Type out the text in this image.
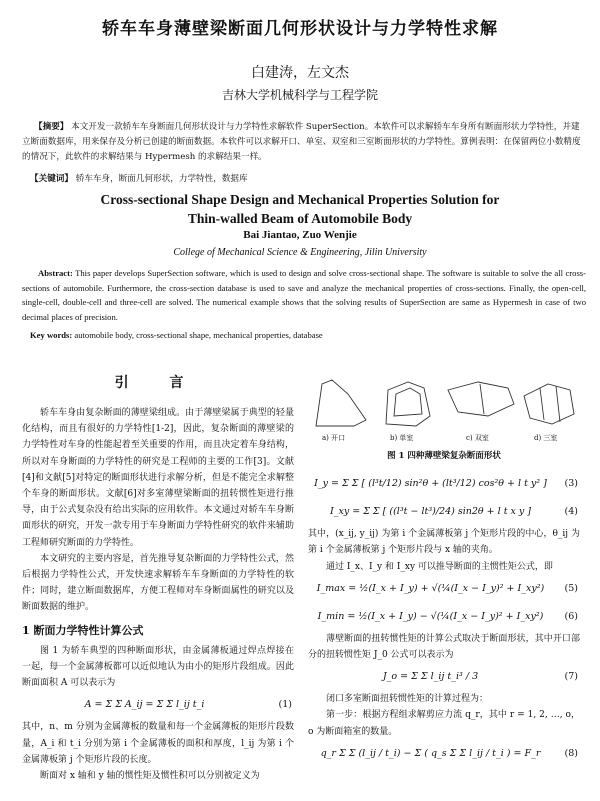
轿车车身薄壁梁断面几何形状设计与力学特性求解
白建涛，左文杰
吉林大学机械科学与工程学院
【摘要】 本文开发一款轿车车身断面几何形状设计与力学特性求解软件 SuperSection。本软件可以求解轿车车身所有断面形状力学特性，并建立断面数据库，用来保存及分析已创建的断面数据。本软件可以求解开口、单室、双室和三室断面形状的力学特性。算例表明：在保留两位小数精度的情况下，此软件的求解结果与 Hypermesh 的求解结果一样。
【关键词】 轿车车身，断面几何形状，力学特性，数据库
Cross-sectional Shape Design and Mechanical Properties Solution for
Thin-walled Beam of Automobile Body
Bai Jiantao, Zuo Wenjie
College of Mechanical Science & Engineering, Jilin University
Abstract: This paper develops SuperSection software, which is used to design and solve cross-sectional shape. The software is suitable to solve the all cross-sections of automobile. Furthermore, the cross-section database is used to save and analyze the mechanical properties of cross-sections. Finally, the open-cell, single-cell, double-cell and three-cell are solved. The numerical example shows that the solving results of SuperSection are same as Hypermesh in case of two decimal places of precision.
Key words: automobile body, cross-sectional shape, mechanical properties, database
引 言
轿车车身由复杂断面的薄壁梁组成。由于薄壁梁属于典型的轻量化结构，而且有很好的力学特性[1-2]，因此，复杂断面的薄壁梁的力学特性对车身的性能起着至关重要的作用，而且决定着车身结构，所以对车身断面的力学特性的研究是工程师的主要的工作[3]。文献[4]和文献[5]对特定的断面形状进行求解分析，但是不能完全求解整个车身的断面形状。文献[6]对多室薄壁梁断面的扭转惯性矩进行推导，由于公式复杂没有给出实际的应用软件。本文通过对轿车车身断面形状的研究，开发一款专用于车身断面力学特性研究的软件来辅助工程师研究断面的力学特性。
本文研究的主要内容是，首先推导复杂断面的力学特性公式，然后根据力学特性公式，开发快速求解轿车车身断面的力学特性的软件；同时，建立断面数据库，方便工程师对车身断面属性的研究以及断面数据的维护。
1 断面力学特性计算公式
图 1 为轿车典型的四种断面形状，由金属薄板通过焊点焊接在一起，每一个金属薄板都可以近似地认为由小的矩形片段组成。因此断面面积 A 可以表示为
A = Σ Σ A_ij = Σ Σ l_ij t_i	(1)
其中，n、m 分别为金属薄板的数量和每一个金属薄板的矩形片段数量，A_i 和 t_i 分别为第 i 个金属薄板的面积和厚度，l_ij 为第 i 个金属薄板第 j 个矩形片段的长度。
断面对 x 轴和 y 轴的惯性矩及惯性积可以分别被定义为
a) 开口	b) 单室	c) 双室	d) 三室
图 1 四种薄壁梁复杂断面形状
I_y = Σ Σ [ (l³t/12) sin²θ + (lt³/12) cos²θ + l t y² ]	(3)
I_xy = Σ Σ [ ((l³t − lt³)/24) sin2θ + l t x y ]	(4)
其中，(x_ij, y_ij) 为第 i 个金属薄板第 j 个矩形片段的中心，θ_ij 为第 i 个金属薄板第 j 个矩形片段与 x 轴的夹角。
通过 I_x、I_y 和 I_xy 可以推导断面的主惯性矩公式，即
I_max = ½(I_x + I_y) + √(¼(I_x − I_y)² + I_xy²)	(5)
I_min = ½(I_x + I_y) − √(¼(I_x − I_y)² + I_xy²)	(6)
薄壁断面的扭转惯性矩的计算公式取决于断面形状，其中开口部分的扭转惯性矩 J_0 公式可以表示为
J_o = Σ Σ l_ij t_i³ / 3	(7)
闭口多室断面扭转惯性矩的计算过程为：
第一步：根据方程组求解剪应力流 q_r，其中 r = 1, 2, …, o，o 为断面箱室的数量。
q_r Σ Σ (l_ij / t_i) − Σ ( q_s Σ Σ l_ij / t_i ) = F_r	(8)
